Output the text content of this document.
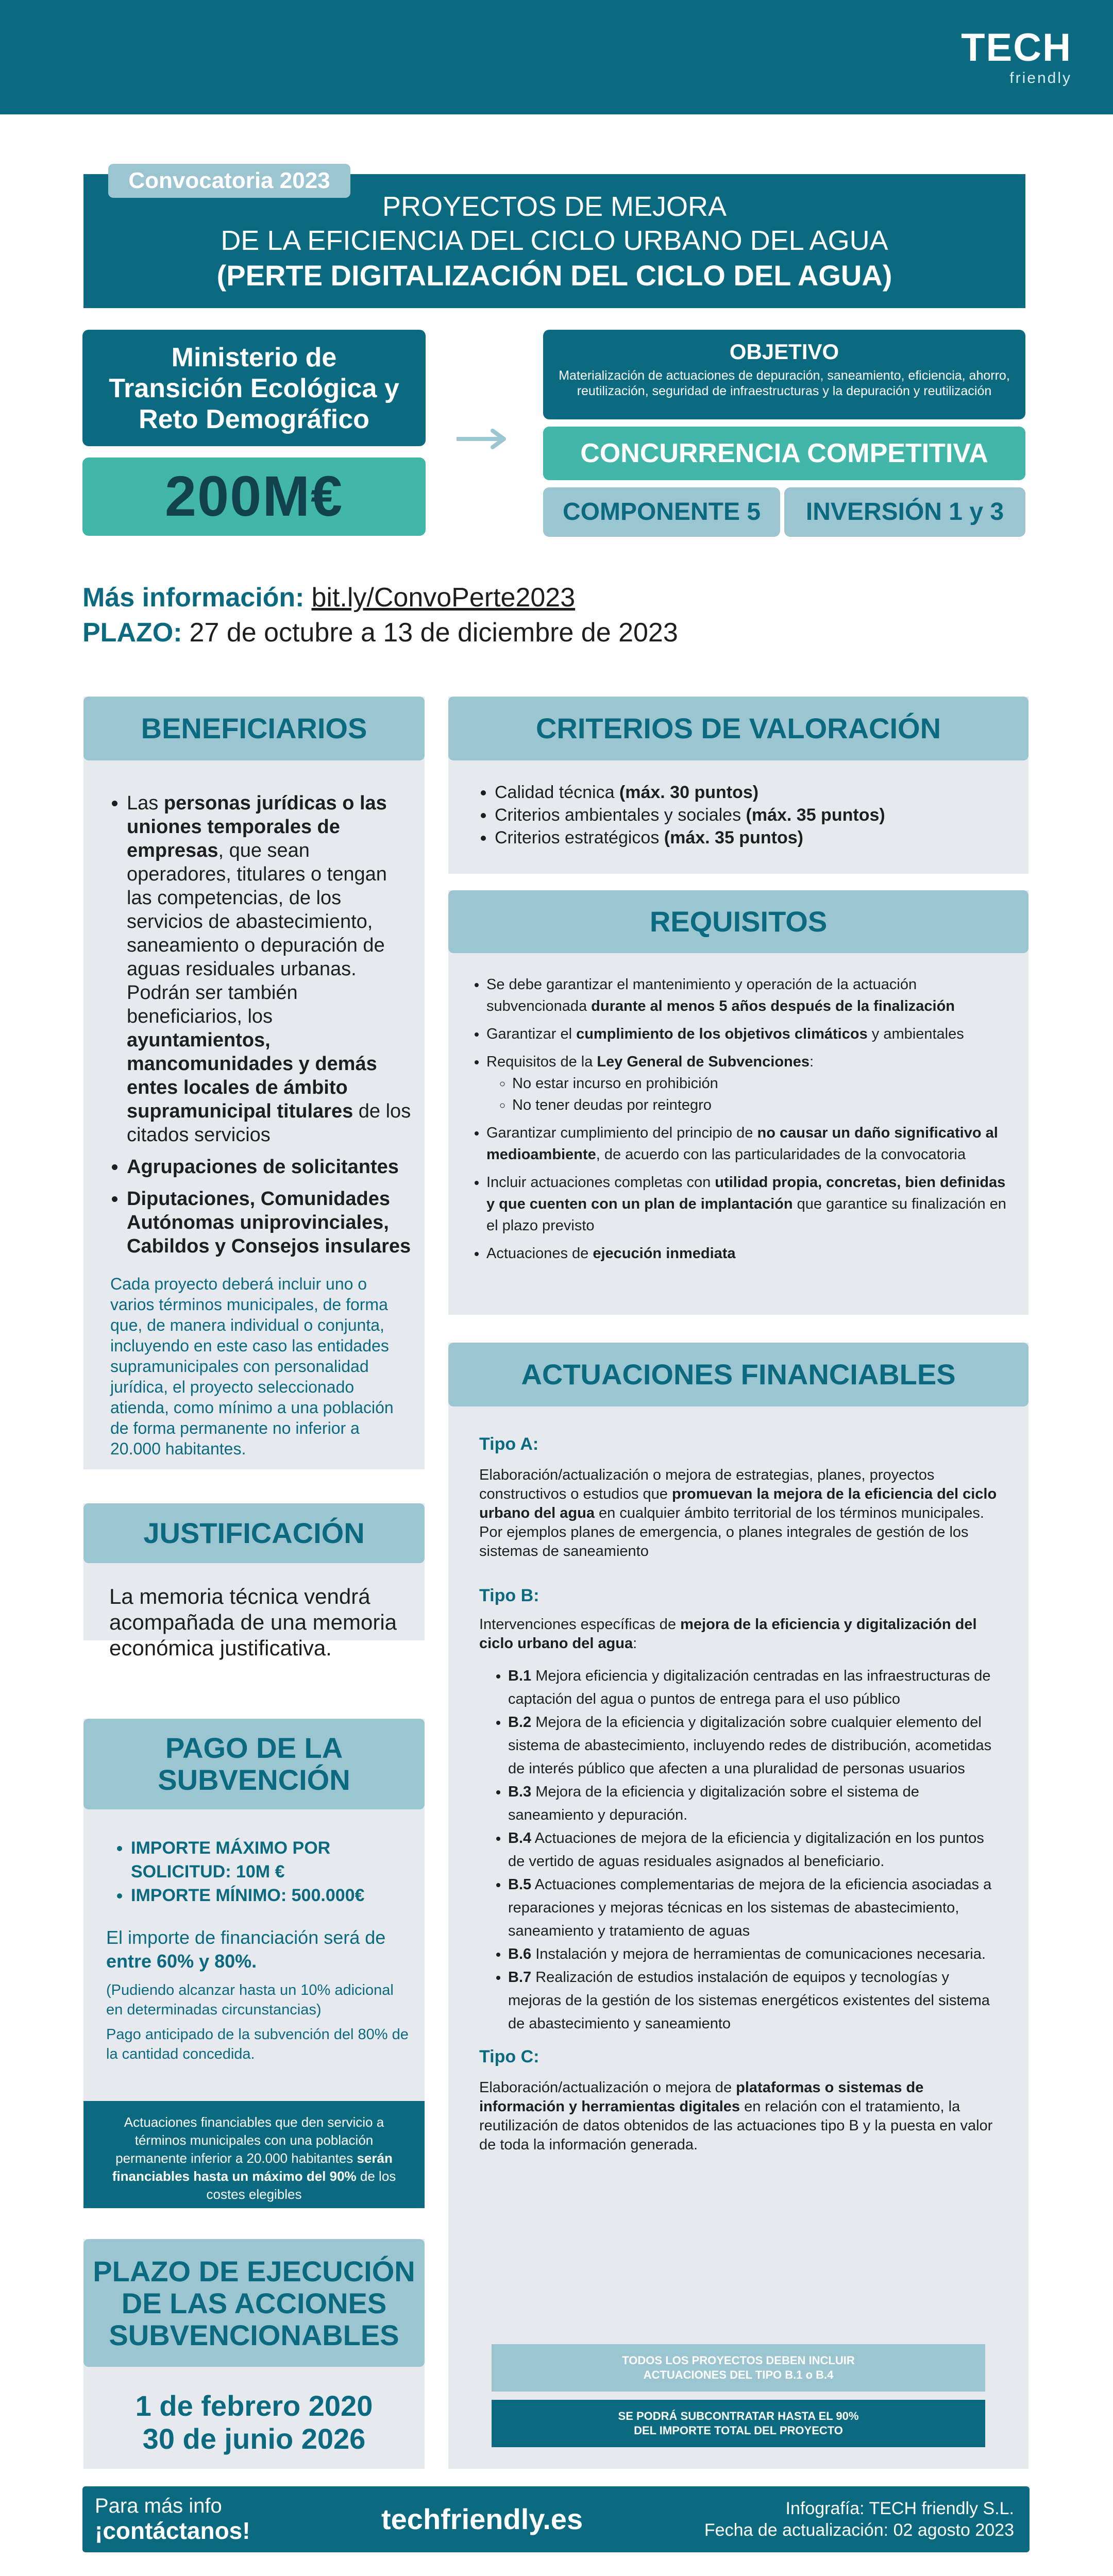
TECH
friendly
PROYECTOS DE MEJORA
DE LA EFICIENCIA DEL CICLO URBANO DEL AGUA
(PERTE DIGITALIZACIÓN DEL CICLO DEL AGUA)
Convocatoria 2023
Ministerio de
Transición Ecológica y
Reto Demográfico
200M€
OBJETIVO
Materialización de actuaciones de depuración, saneamiento, eficiencia, ahorro, reutilización, seguridad de infraestructuras y la depuración y reutilización
CONCURRENCIA COMPETITIVA
COMPONENTE 5	INVERSIÓN 1 y 3
Más información: bit.ly/ConvoPerte2023
PLAZO: 27 de octubre a 13 de diciembre de 2023
BENEFICIARIOS
• Las personas jurídicas o las uniones temporales de empresas, que sean operadores, titulares o tengan las competencias, de los servicios de abastecimiento, saneamiento o depuración de aguas residuales urbanas. Podrán ser también beneficiarios, los ayuntamientos, mancomunidades y demás entes locales de ámbito supramunicipal titulares de los citados servicios
• Agrupaciones de solicitantes
• Diputaciones, Comunidades Autónomas uniprovinciales, Cabildos y Consejos insulares
Cada proyecto deberá incluir uno o varios términos municipales, de forma que, de manera individual o conjunta, incluyendo en este caso las entidades supramunicipales con personalidad jurídica, el proyecto seleccionado atienda, como mínimo a una población de forma permanente no inferior a 20.000 habitantes.
JUSTIFICACIÓN
La memoria técnica vendrá acompañada de una memoria económica justificativa.
PAGO DE LA
SUBVENCIÓN
• IMPORTE MÁXIMO POR SOLICITUD: 10M €
• IMPORTE MÍNIMO: 500.000€
El importe de financiación será de entre 60% y 80%.
(Pudiendo alcanzar hasta un 10% adicional en determinadas circunstancias)
Pago anticipado de la subvención del 80% de la cantidad concedida.
Actuaciones financiables que den servicio a términos municipales con una población permanente inferior a 20.000 habitantes serán financiables hasta un máximo del 90% de los costes elegibles
PLAZO DE EJECUCIÓN
DE LAS ACCIONES
SUBVENCIONABLES
1 de febrero 2020
30 de junio 2026
CRITERIOS DE VALORACIÓN
• Calidad técnica (máx. 30 puntos)
• Criterios ambientales y sociales (máx. 35 puntos)
• Criterios estratégicos (máx. 35 puntos)
REQUISITOS
• Se debe garantizar el mantenimiento y operación de la actuación subvencionada durante al menos 5 años después de la finalización
• Garantizar el cumplimiento de los objetivos climáticos y ambientales
• Requisitos de la Ley General de Subvenciones:
◦ No estar incurso en prohibición
◦ No tener deudas por reintegro
• Garantizar cumplimiento del principio de no causar un daño significativo al medioambiente, de acuerdo con las particularidades de la convocatoria
• Incluir actuaciones completas con utilidad propia, concretas, bien definidas y que cuenten con un plan de implantación que garantice su finalización en el plazo previsto
• Actuaciones de ejecución inmediata
ACTUACIONES FINANCIABLES
Tipo A:
Elaboración/actualización o mejora de estrategias, planes, proyectos constructivos o estudios que promuevan la mejora de la eficiencia del ciclo urbano del agua en cualquier ámbito territorial de los términos municipales. Por ejemplos planes de emergencia, o planes integrales de gestión de los sistemas de saneamiento
Tipo B:
Intervenciones específicas de mejora de la eficiencia y digitalización del ciclo urbano del agua:
• B.1 Mejora eficiencia y digitalización centradas en las infraestructuras de captación del agua o puntos de entrega para el uso público
• B.2 Mejora de la eficiencia y digitalización sobre cualquier elemento del sistema de abastecimiento, incluyendo redes de distribución, acometidas de interés público que afecten a una pluralidad de personas usuarios
• B.3 Mejora de la eficiencia y digitalización sobre el sistema de saneamiento y depuración.
• B.4 Actuaciones de mejora de la eficiencia y digitalización en los puntos de vertido de aguas residuales asignados al beneficiario.
• B.5 Actuaciones complementarias de mejora de la eficiencia asociadas a reparaciones y mejoras técnicas en los sistemas de abastecimiento, saneamiento y tratamiento de aguas
• B.6 Instalación y mejora de herramientas de comunicaciones necesaria.
• B.7 Realización de estudios instalación de equipos y tecnologías y mejoras de la gestión de los sistemas energéticos existentes del sistema de abastecimiento y saneamiento
Tipo C:
Elaboración/actualización o mejora de plataformas o sistemas de información y herramientas digitales en relación con el tratamiento, la reutilización de datos obtenidos de las actuaciones tipo B y la puesta en valor de toda la información generada.
TODOS LOS PROYECTOS DEBEN INCLUIR
ACTUACIONES DEL TIPO B.1 o B.4
SE PODRÁ SUBCONTRATAR HASTA EL 90%
DEL IMPORTE TOTAL DEL PROYECTO
Para más info
¡contáctanos!	techfriendly.es	Infografía: TECH friendly S.L.
Fecha de actualización: 02 agosto 2023
